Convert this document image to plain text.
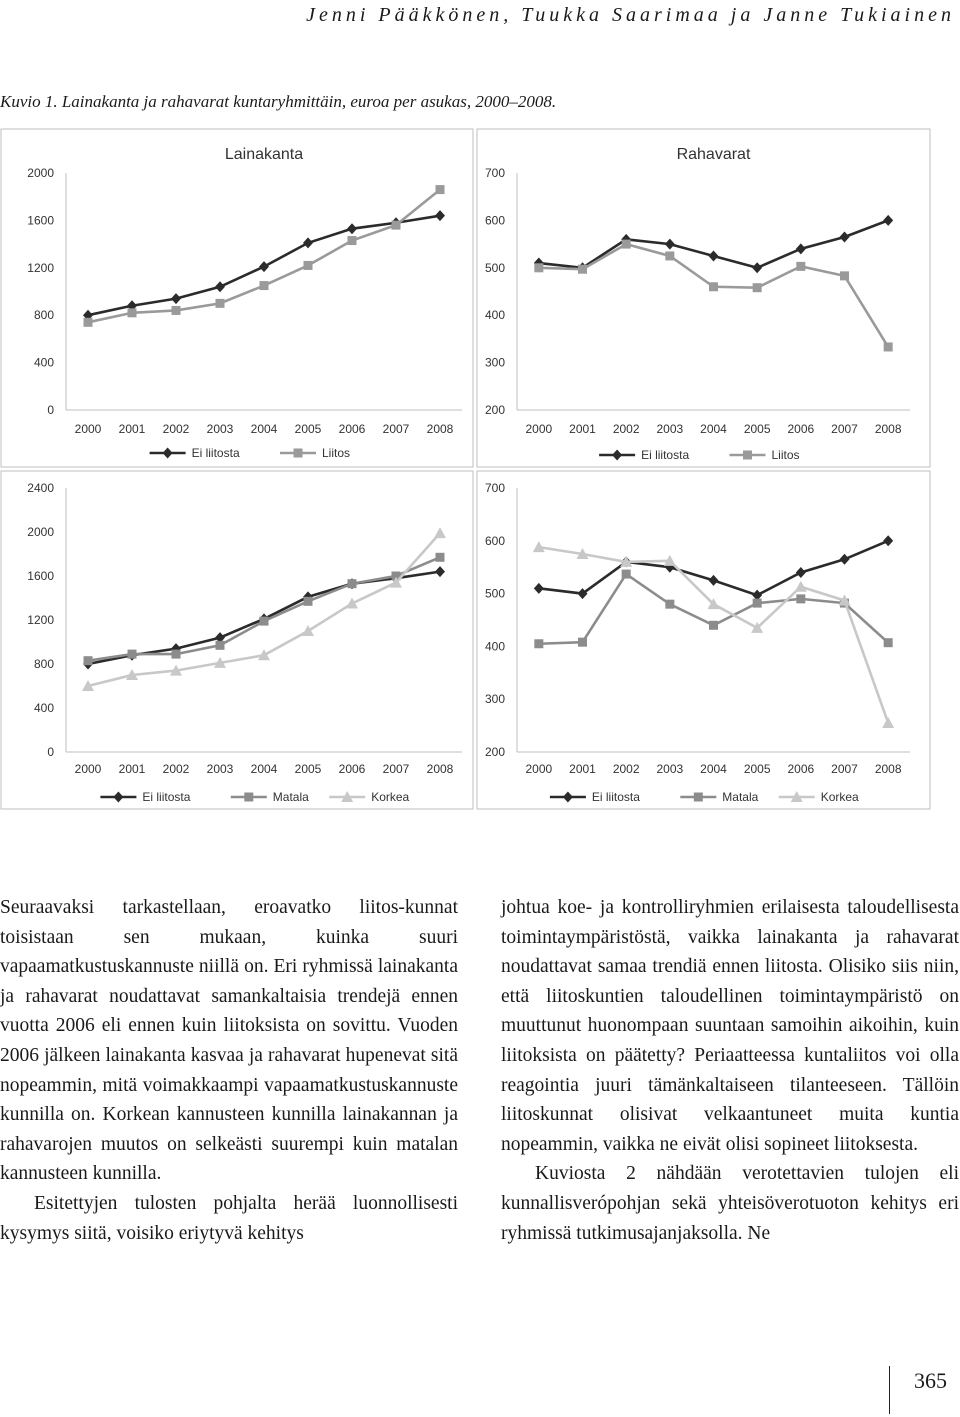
Jenni Pääkkönen, Tuukka Saarimaa ja Janne Tukiainen
Kuvio 1. Lainakanta ja rahavarat kuntaryhmittäin, euroa per asukas, 2000–2008.
Lainakanta
0
400
800
1200
1600
2000
2000 2001 2002 2003 2004 2005 2006 2007 2008
Ei liitosta	Liitos
Rahavarat
200
300
400
500
600
700
2000 2001 2002 2003 2004 2005 2006 2007 2008
Ei liitosta	Liitos
0
400
800
1200
1600
2000
2400
2000 2001 2002 2003 2004 2005 2006 2007 2008
Ei liitosta	Matala	Korkea
200
300
400
500
600
700
2000 2001 2002 2003 2004 2005 2006 2007 2008
Ei liitosta	Matala	Korkea

Seuraavaksi tarkastellaan, eroavatko liitos-kunnat toisistaan sen mukaan, kuinka suuri vapaamatkustuskannuste niillä on. Eri ryhmissä lainakanta ja rahavarat noudattavat samankaltaisia trendejä ennen vuotta 2006 eli ennen kuin liitoksista on sovittu. Vuoden 2006 jälkeen lainakanta kasvaa ja rahavarat hupenevat sitä nopeammin, mitä voimakkaampi vapaamatkustuskannuste kunnilla on. Korkean kannusteen kunnilla lainakannan ja rahavarojen muutos on selkeästi suurempi kuin matalan kannusteen kunnilla.

Esitettyjen tulosten pohjalta herää luonnollisesti kysymys siitä, voisiko eriytyvä kehitys

johtua koe- ja kontrolliryhmien erilaisesta taloudellisesta toimintaympäristöstä, vaikka lainakanta ja rahavarat noudattavat samaa trendiä ennen liitosta. Olisiko siis niin, että liitoskuntien taloudellinen toimintaympäristö on muuttunut huonompaan suuntaan samoihin aikoihin, kuin liitoksista on päätetty? Periaatteessa kuntaliitos voi olla reagointia juuri tämänkaltaiseen tilanteeseen. Tällöin liitoskunnat olisivat velkaantuneet muita kuntia nopeammin, vaikka ne eivät olisi sopineet liitoksesta.

Kuviosta 2 nähdään verotettavien tulojen eli kunnallisverópohjan sekä yhteisöverotuoton kehitys eri ryhmissä tutkimusajanjaksolla. Ne

365
